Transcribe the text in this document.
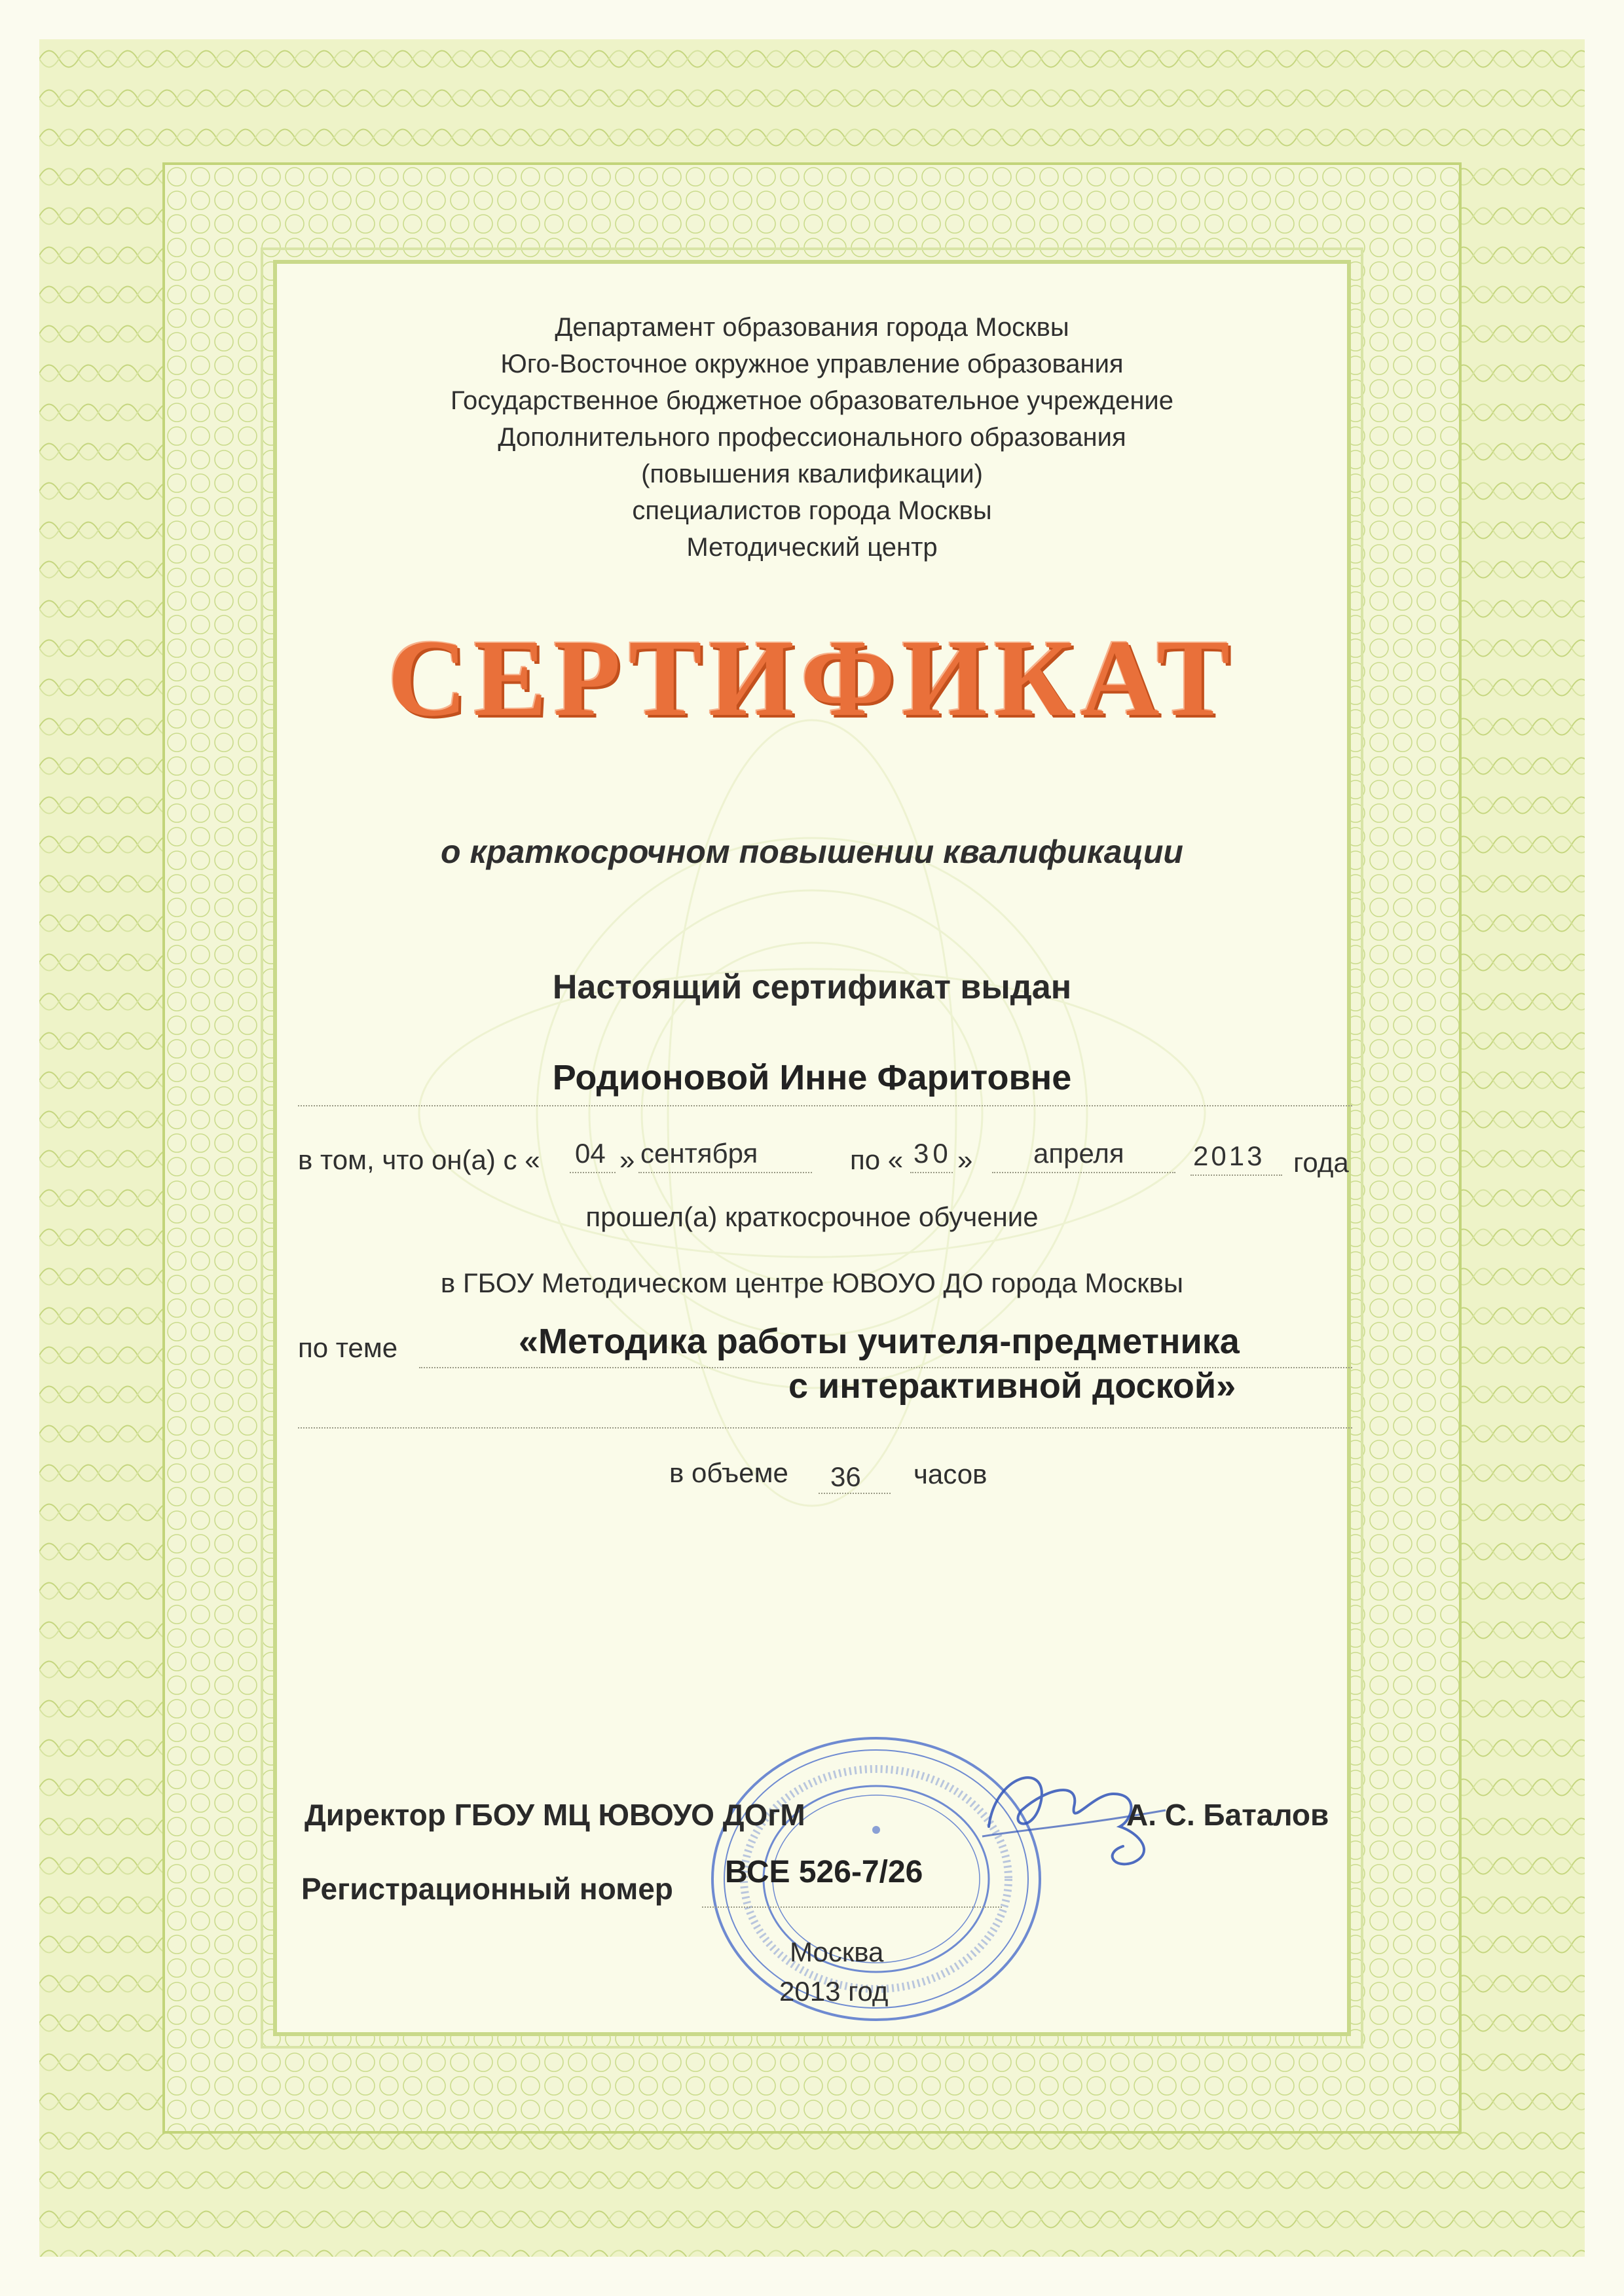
Департамент образования города Москвы
Юго-Восточное окружное управление образования
Государственное бюджетное образовательное учреждение
Дополнительного профессионального образования
(повышения квалификации)
специалистов города Москвы
Методический центр
СЕРТИФИКАТ
о краткосрочном повышении квалификации
Настоящий сертификат выдан
Родионовой Инне Фаритовне
в том, что он(а) с « 04 » сентября	по « 30 » апреля	2013 года
прошел(а) краткосрочное обучение
в ГБОУ Методическом центре ЮВОУО ДО города Москвы
по теме	«Методика работы учителя-предметника
с интерактивной доской»
в объеме 36 часов
Директор ГБОУ МЦ ЮВОУО ДОгМ	А. С. Баталов
Регистрационный номер ВСЕ 526-7/26
Москва
2013 год
